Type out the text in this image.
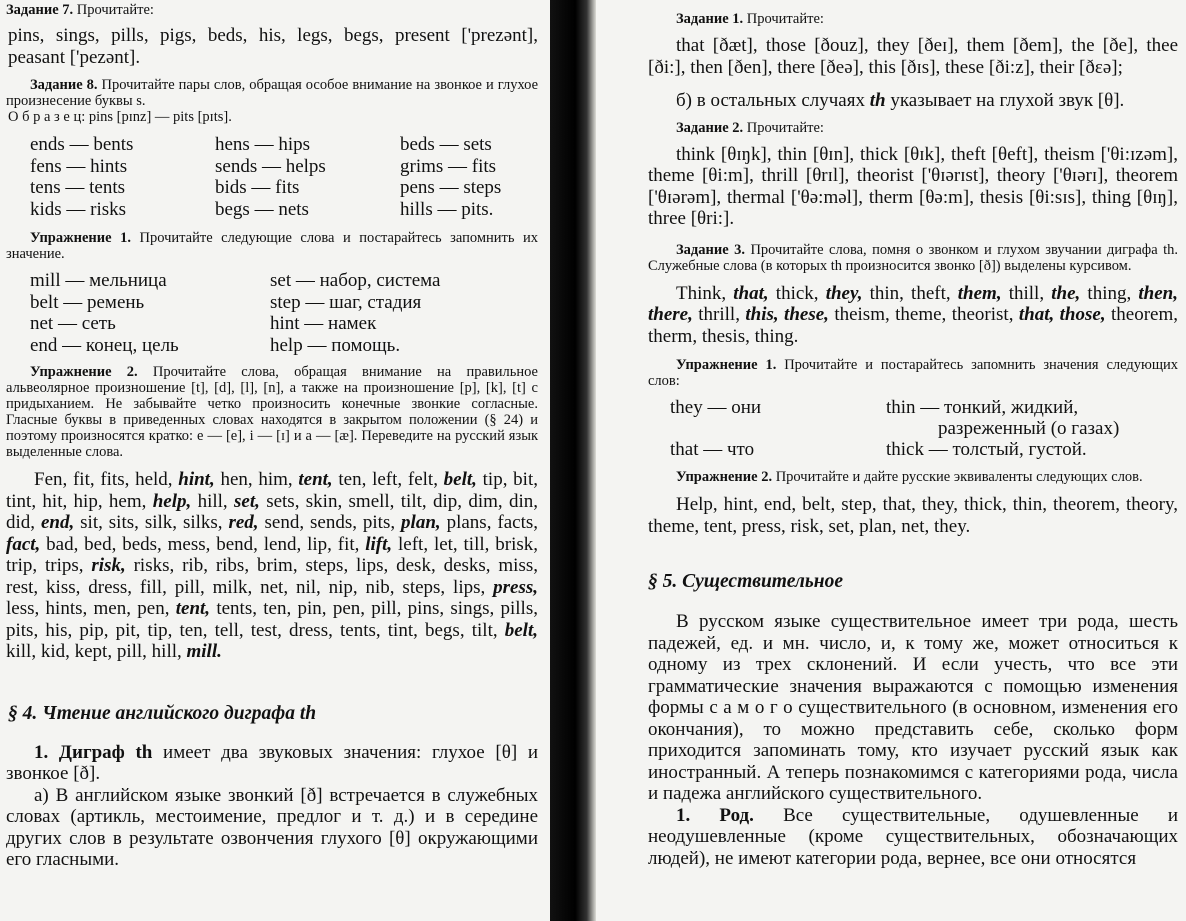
Задание 7. Прочитайте:

pins, sings, pills, pigs, beds, his, legs, begs, present ['prezənt], peasant ['pezənt].

Задание 8. Прочитайте пары слов, обращая особое внимание на звонкое и глухое произнесение буквы s.

О б р а з е ц: pins [pɪnz] — pits [pɪts].

ends — bents	hens — hips	beds — sets
fens — hints	sends — helps	grims — fits
tens — tents	bids — fits	pens — steps
kids — risks	begs — nets	hills — pits.

Упражнение 1. Прочитайте следующие слова и постарайтесь запомнить их значение.

mill — мельница	set — набор, система
belt — ремень	step — шаг, стадия
net — сеть	hint — намек
end — конец, цель	help — помощь.

Упражнение 2. Прочитайте слова, обращая внимание на правильное альвеолярное произношение [t], [d], [l], [n], а также на произношение [p], [k], [t] с придыханием. Не забывайте четко произносить конечные звонкие согласные. Гласные буквы в приведенных словах находятся в закрытом положении (§ 24) и поэтому произносятся кратко: e — [e], i — [ɪ] и a — [æ]. Переведите на русский язык выделенные слова.

Fen, fit, fits, held, hint, hen, him, tent, ten, left, felt, belt, tip, bit, tint, hit, hip, hem, help, hill, set, sets, skin, smell, tilt, dip, dim, din, did, end, sit, sits, silk, silks, red, send, sends, pits, plan, plans, facts, fact, bad, bed, beds, mess, bend, lend, lip, fit, lift, left, let, till, brisk, trip, trips, risk, risks, rib, ribs, brim, steps, lips, desk, desks, miss, rest, kiss, dress, fill, pill, milk, net, nil, nip, nib, steps, lips, press, less, hints, men, pen, tent, tents, ten, pin, pen, pill, pins, sings, pills, pits, his, pip, pit, tip, ten, tell, test, dress, tents, tint, begs, tilt, belt, kill, kid, kept, pill, hill, mill.

§ 4. Чтение английского диграфа th

1. Диграф th имеет два звуковых значения: глухое [θ] и звонкое [ð].

а) В английском языке звонкий [ð] встречается в служебных словах (артикль, местоимение, предлог и т. д.) и в середине других слов в результате озвончения глухого [θ] окружающими его гласными.

Задание 1. Прочитайте:

that [ðæt], those [ðouz], they [ðeɪ], them [ðem], the [ðe], thee [ði:], then [ðen], there [ðeə], this [ðɪs], these [ði:z], their [ðɛə];

б) в остальных случаях th указывает на глухой звук [θ].

Задание 2. Прочитайте:

think [θɪŋk], thin [θɪn], thick [θɪk], theft [θeft], theism ['θi:ɪzəm], theme [θi:m], thrill [θrɪl], theorist ['θɪərɪst], theory ['θɪərɪ], theorem ['θɪərəm], thermal ['θə:məl], therm [θə:m], thesis [θi:sɪs], thing [θɪŋ], three [θri:].

Задание 3. Прочитайте слова, помня о звонком и глухом звучании диграфа th. Служебные слова (в которых th произносится звонко [ð]) выделены курсивом.

Think, that, thick, they, thin, theft, them, thill, the, thing, then, there, thrill, this, these, theism, theme, theorist, that, those, theorem, therm, thesis, thing.

Упражнение 1. Прочитайте и постарайтесь запомнить значения следующих слов:

they — они	thin — тонкий, жидкий,
разреженный (о газах)
that — что	thick — толстый, густой.

Упражнение 2. Прочитайте и дайте русские эквиваленты следующих слов.

Help, hint, end, belt, step, that, they, thick, thin, theorem, theory, theme, tent, press, risk, set, plan, net, they.

§ 5. Существительное

В русском языке существительное имеет три рода, шесть падежей, ед. и мн. число, и, к тому же, может относиться к одному из трех склонений. И если учесть, что все эти грамматические значения выражаются с помощью изменения формы с а м о г о существительного (в основном, изменения его окончания), то можно представить себе, сколько форм приходится запоминать тому, кто изучает русский язык как иностранный. А теперь познакомимся с категориями рода, числа и падежа английского существительного.

1. Род. Все существительные, одушевленные и неодушевленные (кроме существительных, обозначающих людей), не имеют категории рода, вернее, все они относятся
